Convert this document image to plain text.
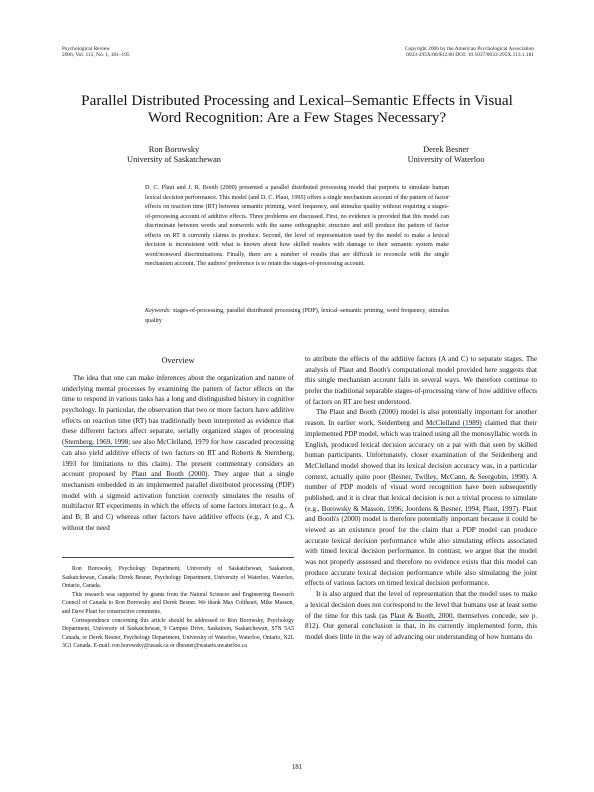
Psychological Review
2006, Vol. 113, No. 1, 181–195
Copyright 2006 by the American Psychological Association
0033-295X/06/$12.00 DOI: 10.1037/0033-295X.113.1.181
Parallel Distributed Processing and Lexical–Semantic Effects in Visual
Word Recognition: Are a Few Stages Necessary?
Ron Borowsky
University of Saskatchewan
Derek Besner
University of Waterloo
D. C. Plaut and J. R. Booth (2000) presented a parallel distributed processing model that purports to simulate human lexical decision performance. This model (and D. C. Plaut, 1995) offers a single mechanism account of the pattern of factor effects on reaction time (RT) between semantic priming, word frequency, and stimulus quality without requiring a stages-of-processing account of additive effects. Three problems are discussed. First, no evidence is provided that this model can discriminate between words and nonwords with the same orthographic structure and still produce the pattern of factor effects on RT it currently claims to produce. Second, the level of representation used by the model to make a lexical decision is inconsistent with what is known about how skilled readers with damage to their semantic system make word/nonword discriminations. Finally, there are a number of results that are difficult to reconcile with the single mechanism account. The authors' preference is to retain the stages-of-processing account.
Keywords: stages-of-processing, parallel distributed processing (PDP), lexical–semantic priming, word frequency, stimulus quality
Overview

The idea that one can make inferences about the organization and nature of underlying mental processes by examining the pattern of factor effects on the time to respond in various tasks has a long and distinguished history in cognitive psychology. In particular, the observation that two or more factors have additive effects on reaction time (RT) has traditionally been interpreted as evidence that these different factors affect separate, serially organized stages of processing (Sternberg, 1969, 1998; see also McClelland, 1979 for how cascaded processing can also yield additive effects of two factors on RT and Roberts & Sternberg, 1993 for limitations to this claim). The present commentary considers an account proposed by Plaut and Booth (2000). They argue that a single mechanism embedded in an implemented parallel distributed processing (PDP) model with a sigmoid activation function correctly simulates the results of multifactor RT experiments in which the effects of some factors interact (e.g., A and B; B and C) whereas other factors have additive effects (e.g., A and C), without the need

Ron Borowsky, Psychology Department, University of Saskatchewan, Saskatoon, Saskatchewan, Canada; Derek Besner, Psychology Department, University of Waterloo, Waterloo, Ontario, Canada.

This research was supported by grants from the Natural Sciences and Engineering Research Council of Canada to Ron Borowsky and Derek Besner. We thank Max Coltheart, Mike Masson, and Dave Plaut for constructive comments.

Correspondence concerning this article should be addressed to Ron Borowsky, Psychology Department, University of Saskatchewan, 9 Campus Drive, Saskatoon, Saskatchewan, S7N 5A5 Canada, or Derek Besner, Psychology Department, University of Waterloo, Waterloo, Ontario, N2L 3G1 Canada. E-mail: ron.borowsky@usask.ca or dbesner@watarts.uwaterloo.ca

to attribute the effects of the additive factors (A and C) to separate stages. The analysis of Plaut and Booth's computational model provided here suggests that this single mechanism account fails in several ways. We therefore continue to prefer the traditional separable stages-of-processing view of how additive effects of factors on RT are best understood.

The Plaut and Booth (2000) model is also potentially important for another reason. In earlier work, Seidenberg and McClelland (1989) claimed that their implemented PDP model, which was trained using all the monosyllabic words in English, produced lexical decision accuracy on a par with that seen by skilled human participants. Unfortunately, closer examination of the Seidenberg and McClelland model showed that its lexical decision accuracy was, in a particular context, actually quite poor (Besner, Twilley, McCann, & Seergobin, 1990). A number of PDP models of visual word recognition have been subsequently published, and it is clear that lexical decision is not a trivial process to simulate (e.g., Borowsky & Masson, 1996; Joordens & Besner, 1994; Plaut, 1997). Plaut and Booth's (2000) model is therefore potentially important because it could be viewed as an existence proof for the claim that a PDP model can produce accurate lexical decision performance while also simulating effects associated with timed lexical decision performance. In contrast, we argue that the model was not properly assessed and therefore no evidence exists that this model can produce accurate lexical decision performance while also simulating the joint effects of various factors on timed lexical decision performance.

It is also argued that the level of representation that the model uses to make a lexical decision does not correspond to the level that humans use at least some of the time for this task (as Plaut & Booth, 2000, themselves concede, see p. 812). Our general conclusion is that, in its currently implemented form, this model does little in the way of advancing our understanding of how humans do

181
